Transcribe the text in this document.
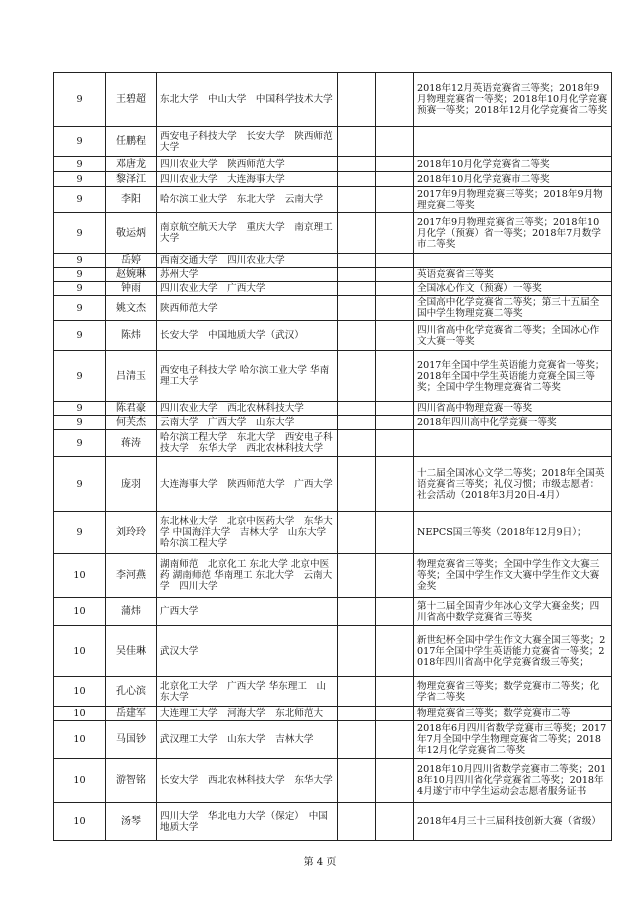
9	王碧超	东北大学　中山大学　中国科学技术大学			2018年12月英语竞赛省三等奖；2018年9月物理竞赛省一等奖；2018年10月化学竞赛预赛一等奖；2018年12月化学竞赛省二等奖
9	任鹏程	西安电子科技大学　长安大学　陕西师范大学			
9	邓唐龙	四川农业大学　陕西师范大学			2018年10月化学竞赛省二等奖
9	黎泽江	四川农业大学　大连海事大学			2018年10月化学竞赛市二等奖
9	李阳	哈尔滨工业大学　东北大学　云南大学			2017年9月物理竞赛三等奖；2018年9月物理竞赛二等奖
9	敬运炳	南京航空航天大学　重庆大学　南京理工大学			2017年9月物理竞赛省三等奖；2018年10月化学（预赛）省一等奖；2018年7月数学市二等奖
9	岳婷	西南交通大学　四川农业大学			
9	赵婉琳	苏州大学			英语竞赛省三等奖
9	钟雨	四川农业大学　广西大学			全国冰心作文（预赛）一等奖
9	姚文杰	陕西师范大学			全国高中化学竞赛省二等奖；第三十五届全国中学生物理竞赛二等奖
9	陈炜	长安大学　中国地质大学（武汉）			四川省高中化学竞赛省二等奖；全国冰心作文大赛一等奖
9	吕清玉	西安电子科技大学 哈尔滨工业大学 华南理工大学			2017年全国中学生英语能力竞赛省一等奖；2018年全国中学生英语能力竞赛全国三等奖；全国中学生物理竞赛省二等奖
9	陈君豪	四川农业大学　西北农林科技大学			四川省高中物理竞赛一等奖
9	何芙杰	云南大学　广西大学　山东大学			2018年四川高中化学竞赛一等奖
9	蒋涛	哈尔滨工程大学　东北大学　西安电子科技大学　东华大学　西北农林科技大学			
9	庞羽	大连海事大学　陕西师范大学　广西大学			十二届全国冰心文学二等奖；2018年全国英语竞赛省三等奖；礼仪习惯；市级志愿者：社会活动（2018年3月20日-4月）
9	刘玲玲	东北林业大学　北京中医药大学　东华大学 中国海洋大学　吉林大学　山东大学　哈尔滨工程大学			NEPCS国三等奖（2018年12月9日）；
10	李河燕	湖南师范　北京化工 东北大学 北京中医药 湖南师范 华南理工 东北大学　云南大学　四川大学			物理竞赛省三等奖；全国中学生作文大赛三等奖；全国中学生作文大赛中学生作文大赛金奖
10	蒲炜	广西大学			第十二届全国青少年冰心文学大赛金奖；四川省高中数学竞赛省三等奖
10	吴佳琳	武汉大学			新世纪杯全国中学生作文大赛全国三等奖；2017年全国中学生英语能力竞赛省一等奖；2018年四川省高中化学竞赛省级三等奖；
10	孔心滨	北京化工大学　广西大学 华东理工　山东大学			物理竞赛省三等奖；数学竞赛市二等奖；化学省二等奖
10	岳建军	大连理工大学　河海大学　东北师范大			物理竞赛省三等奖；数学竞赛市二等
10	马国钞	武汉理工大学　山东大学　吉林大学			2018年6月四川省数学竞赛市三等奖；2017年7月全国中学生物理竞赛省二等奖；2018年12月化学竞赛省二等奖
10	游智铭	长安大学　西北农林科技大学　东华大学			2018年10月四川省数学竞赛市二等奖；2018年10月四川省化学竞赛省二等奖；2018年4月遂宁市中学生运动会志愿者服务证书
10	汤琴	四川大学　华北电力大学（保定）　中国地质大学			2018年4月三十三届科技创新大赛（省级）
第 4 页
